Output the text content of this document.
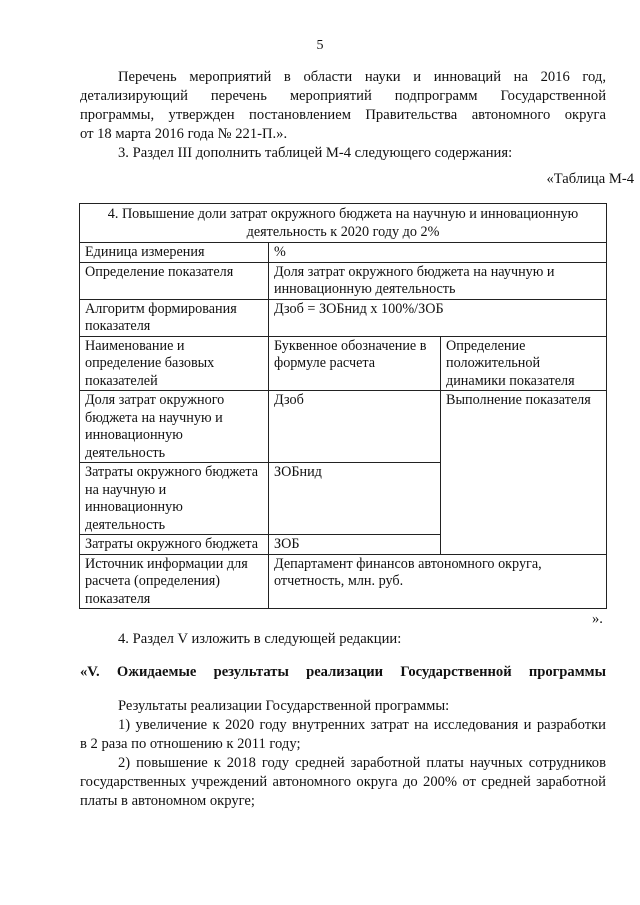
5

Перечень мероприятий в области науки и инноваций на 2016 год,

детализирующий перечень мероприятий подпрограмм Государственной

программы, утвержден постановлением Правительства автономного округа

от 18 марта 2016 года № 221-П.».

3. Раздел III дополнить таблицей М-4 следующего содержания:

«Таблица М-4
4. Повышение доли затрат окружного бюджета на научную и инновационную деятельность к 2020 году до 2%		
Единица измерения	%	
Определение показателя	Доля затрат окружного бюджета на научную и инновационную деятельность	
Алгоритм формирования показателя	Дзоб = ЗОБнид х 100%/ЗОБ	
Наименование и определение базовых показателей	Буквенное обозначение в формуле расчета	Определение положительной динамики показателя
Доля затрат окружного бюджета на научную и инновационную деятельность	Дзоб	Выполнение показателя
Затраты окружного бюджета на научную и инновационную деятельность	ЗОБнид	
Затраты окружного бюджета	ЗОБ	
Источник информации для расчета (определения) показателя	Департамент финансов автономного округа, отчетность, млн. руб.	
».

4. Раздел V изложить в следующей редакции:

«V. Ожидаемые результаты реализации Государственной программы

Результаты реализации Государственной программы:

1) увеличение к 2020 году внутренних затрат на исследования и разработки

в 2 раза по отношению к 2011 году;

2) повышение к 2018 году средней заработной платы научных сотрудников

государственных учреждений автономного округа до 200% от средней заработной

платы в автономном округе;
